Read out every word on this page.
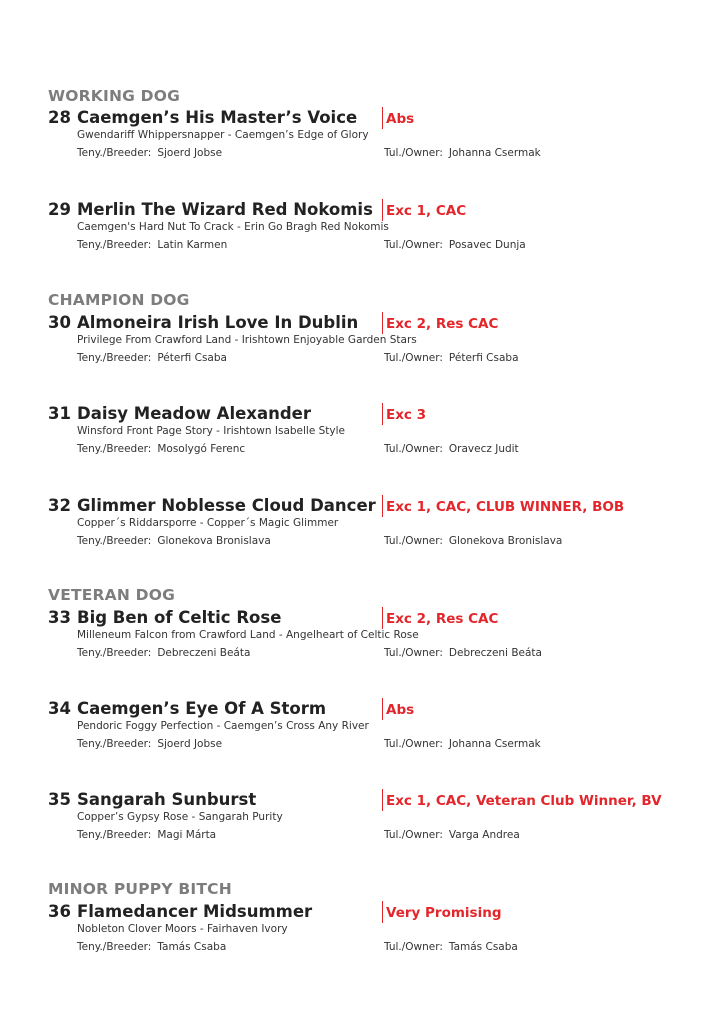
WORKING DOG
28 Caemgen’s His Master’s Voice Abs
Gwendariff Whippersnapper - Caemgen’s Edge of Glory
Teny./Breeder: Sjoerd Jobse	Tul./Owner: Johanna Csermak
29 Merlin The Wizard Red Nokomis Exc 1, CAC
Caemgen's Hard Nut To Crack - Erin Go Bragh Red Nokomis
Teny./Breeder: Latin Karmen	Tul./Owner: Posavec Dunja
CHAMPION DOG
30 Almoneira Irish Love In Dublin Exc 2, Res CAC
Privilege From Crawford Land - Irishtown Enjoyable Garden Stars
Teny./Breeder: Péterfi Csaba	Tul./Owner: Péterfi Csaba
31 Daisy Meadow Alexander	Exc 3
Winsford Front Page Story - Irishtown Isabelle Style
Teny./Breeder: Mosolygó Ferenc	Tul./Owner: Oravecz Judit
32 Glimmer Noblesse Cloud Dancer Exc 1, CAC, CLUB WINNER, BOB
Copper´s Riddarsporre - Copper´s Magic Glimmer
Teny./Breeder: Glonekova Bronislava	Tul./Owner: Glonekova Bronislava
VETERAN DOG
33 Big Ben of Celtic Rose	Exc 2, Res CAC
Milleneum Falcon from Crawford Land - Angelheart of Celtic Rose
Teny./Breeder: Debreczeni Beáta	Tul./Owner: Debreczeni Beáta
34 Caemgen’s Eye Of A Storm	Abs
Pendoric Foggy Perfection - Caemgen’s Cross Any River
Teny./Breeder: Sjoerd Jobse	Tul./Owner: Johanna Csermak
35 Sangarah Sunburst	Exc 1, CAC, Veteran Club Winner, BV
Copper’s Gypsy Rose - Sangarah Purity
Teny./Breeder: Magi Márta	Tul./Owner: Varga Andrea
MINOR PUPPY BITCH
36 Flamedancer Midsummer	Very Promising
Nobleton Clover Moors - Fairhaven Ivory
Teny./Breeder: Tamás Csaba	Tul./Owner: Tamás Csaba
